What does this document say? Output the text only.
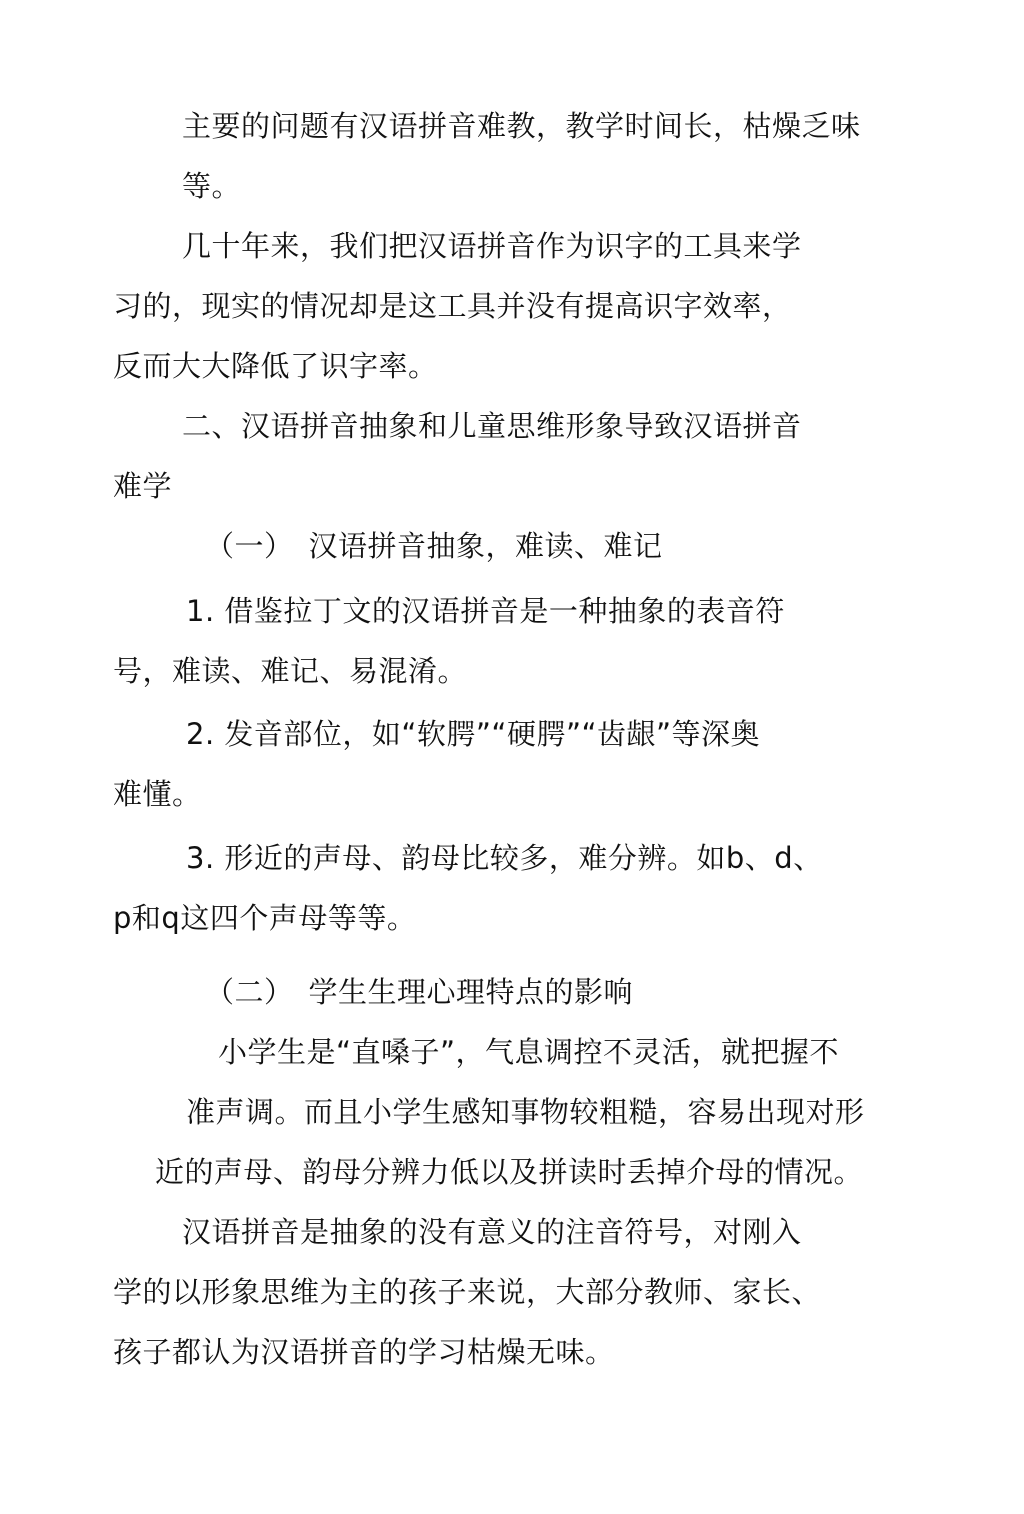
主要的问题有汉语拼音难教，教学时间长，枯燥乏味

等。

几十年来，我们把汉语拼音作为识字的工具来学

习的，现实的情况却是这工具并没有提高识字效率，

反而大大降低了识字率。

二、汉语拼音抽象和儿童思维形象导致汉语拼音

难学

（一）　汉语拼音抽象，难读、难记

1. 借鉴拉丁文的汉语拼音是一种抽象的表音符

号，难读、难记、易混淆。

2. 发音部位，如“软腭”“硬腭”“齿龈”等深奥

难懂。

3. 形近的声母、韵母比较多，难分辨。如b、d、

p和q这四个声母等等。

（二）　学生生理心理特点的影响

小学生是“直嗓子”，气息调控不灵活，就把握不

准声调。而且小学生感知事物较粗糙，容易出现对形

近的声母、韵母分辨力低以及拼读时丢掉介母的情况。

汉语拼音是抽象的没有意义的注音符号，对刚入

学的以形象思维为主的孩子来说，大部分教师、家长、

孩子都认为汉语拼音的学习枯燥无味。
